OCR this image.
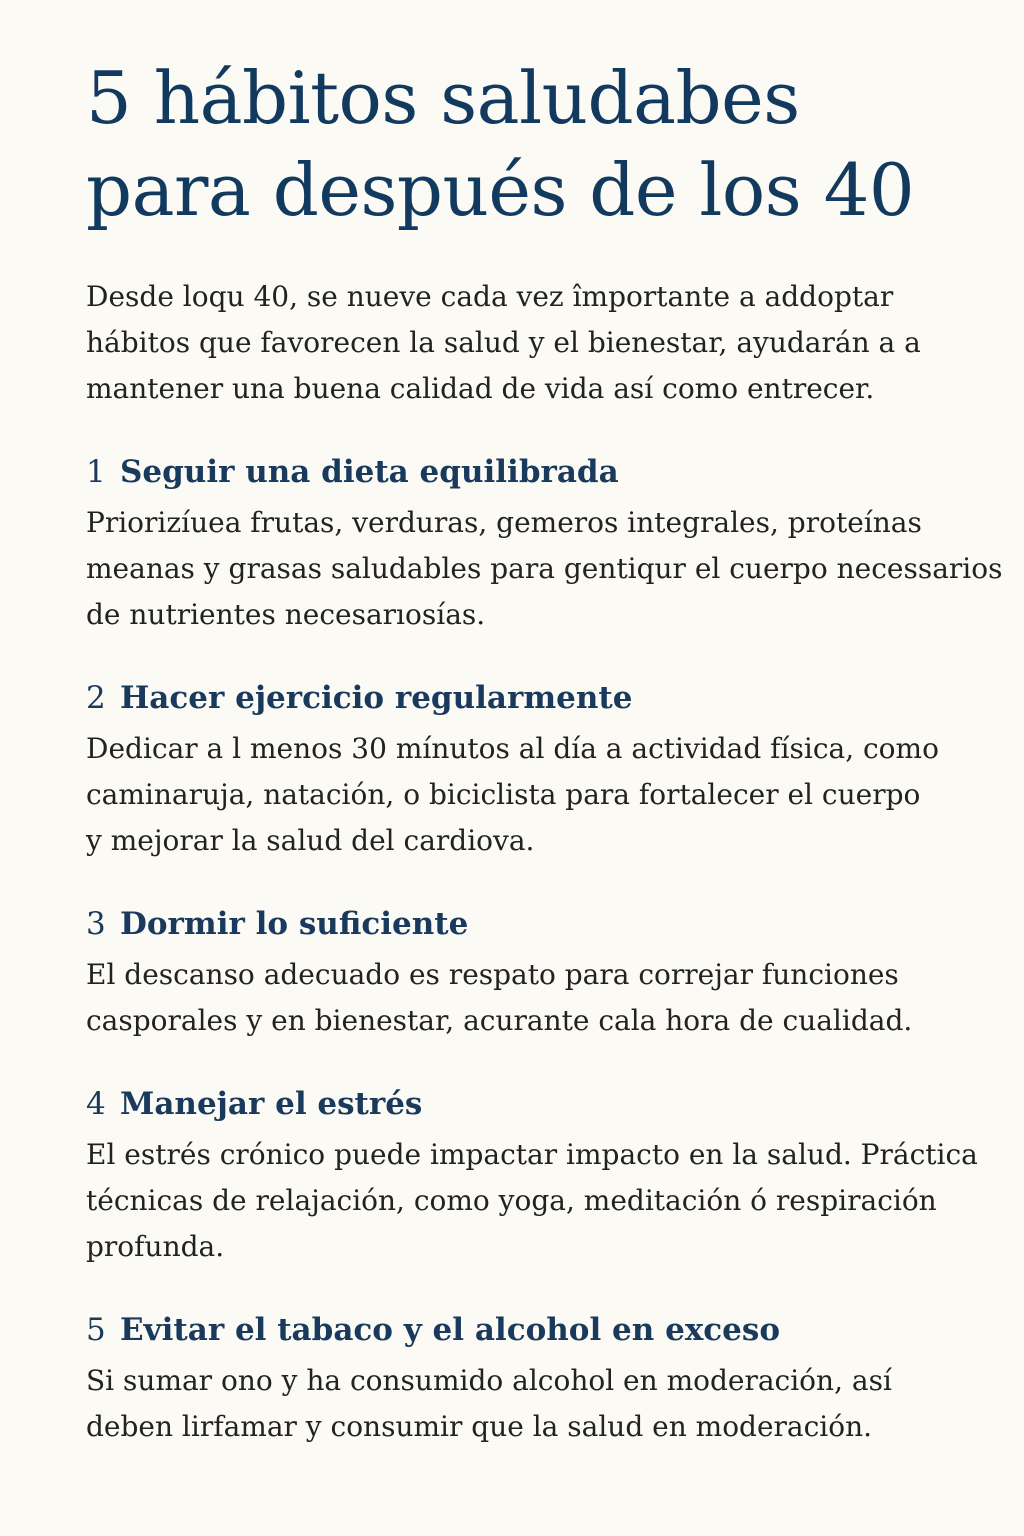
5 hábitos saludabes
para después de los 40

Desde loqu 40, se nueve cada vez împortante a addoptar
hábitos que favorecen la salud y el bienestar, ayudarán a a
mantener una buena calidad de vida así como entrecer.

1 Seguir una dieta equilibrada

Priorizíuea frutas, verduras, gemeros integrales, proteínas
meanas y grasas saludables para gentiqur el cuerpo necessarios
de nutrientes necesarıosías.

2 Hacer ejercicio regularmente

Dedicar a l menos 30 mínutos al día a actividad física, como
caminaruja, natación, o biciclista para fortalecer el cuerpo
y mejorar la salud del cardiova.

3 Dormir lo suficiente

El descanso adecuado es respato para correjar funciones
casporales y en bienestar, acurante cala hora de cualidad.

4 Manejar el estrés

El estrés crónico puede impactar impacto en la salud. Práctica
técnicas de relajación, como yoga, meditación ó respiración
profunda.

5 Evitar el tabaco y el alcohol en exceso

Si sumar ono y ha consumido alcohol en moderación, así
deben lirfamar y consumir que la salud en moderación.
